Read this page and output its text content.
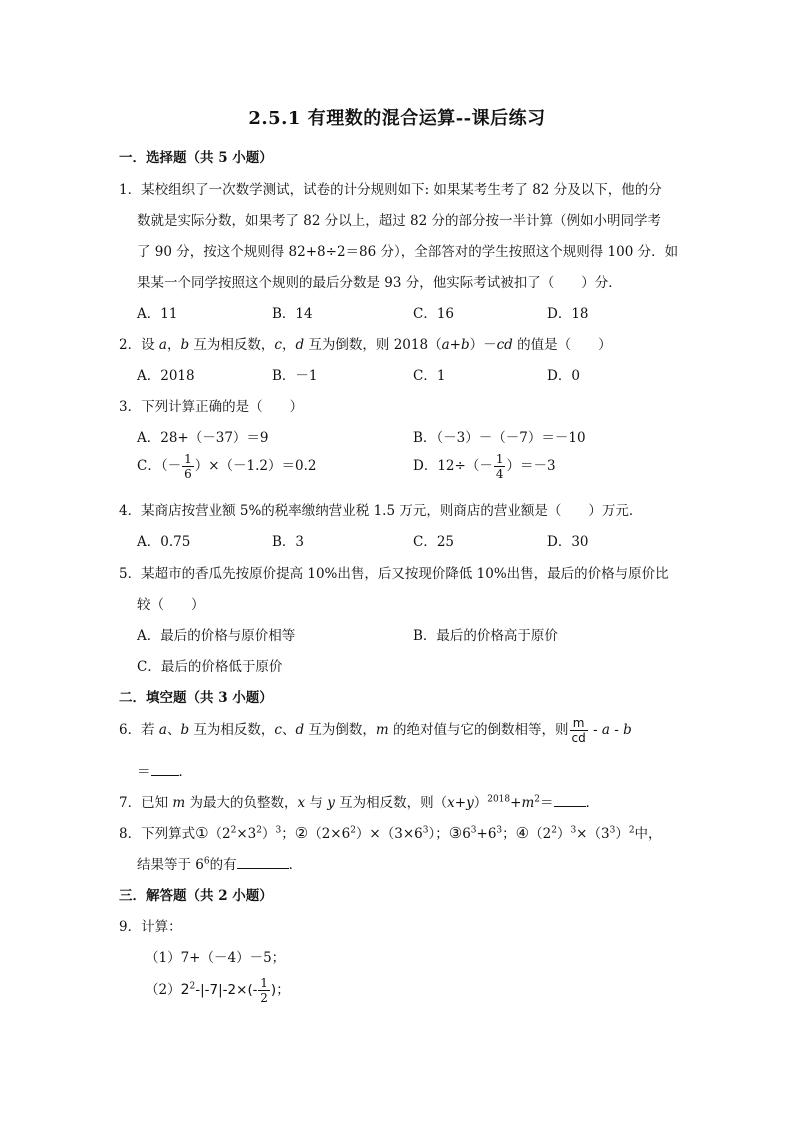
2.5.1 有理数的混合运算--课后练习
一．选择题（共 5 小题）
1．某校组织了一次数学测试，试卷的计分规则如下: 如果某考生考了 82 分及以下，他的分
数就是实际分数，如果考了 82 分以上，超过 82 分的部分按一半计算（例如小明同学考
了 90 分，按这个规则得 82+8÷2＝86 分），全部答对的学生按照这个规则得 100 分．如
果某一个同学按照这个规则的最后分数是 93 分，他实际考试被扣了（　　）分．
A．11	B．14	C．16	D．18
2．设 a，b 互为相反数，c，d 互为倒数，则 2018（a+b）－cd 的值是（　　）
A．2018	B．－1	C．1	D．0
3．下列计算正确的是（　　）
A．28+（－37）＝9	B．（－3）－（－7）＝－10
C．（－ $\frac{1}{6} )\times(-1.2)=0.2$	D．$12\div(- \frac{1}{4} )=-3$
4．某商店按营业额 5%的税率缴纳营业税 1.5 万元，则商店的营业额是（　　）万元．
A．0.75	B．3	C．25	D．30
5．某超市的香瓜先按原价提高 10%出售，后又按现价降低 10%出售，最后的价格与原价比
较（　　）
A．最后的价格与原价相等	B．最后的价格高于原价
C．最后的价格低于原价
二．填空题（共 3 小题）
6．若 a、b 互为相反数，c、d 互为倒数，m 的绝对值与它的倒数相等，则 $\frac{m}{cd}$ - a - b
＝ ．
7．已知 m 为最大的负整数，x 与 y 互为相反数，则$(x+y)^{2018}+m^2=$ ．
8．下列算式$①(2^2\times 3^2)^3$；$②(2\times 6^2)\times(3\times 6^3)$；$③6^3+6^3$；$④(2^2)^3\times(3^3)^2$中，
结果等于 $6^6$的有	．
三．解答题（共 2 小题）
9．计算：
（1）7+（－4）－5；
$(2)2^2-|-7|-2\times(- \frac{1}{2}$ )；
